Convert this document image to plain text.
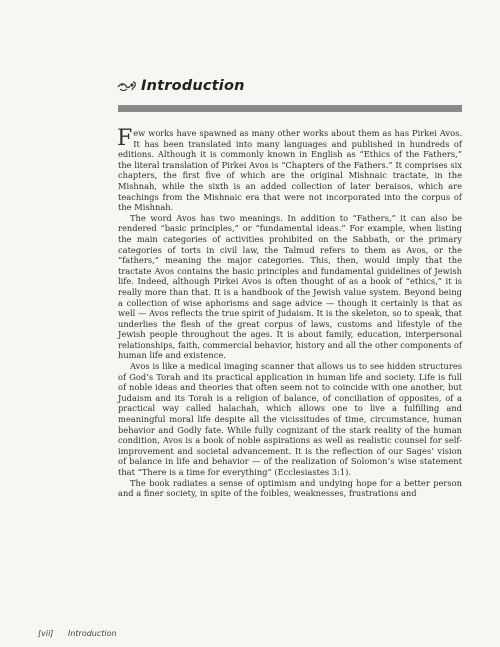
Introduction

Few works have spawned as many other works about them as has Pirkei Avos. It has been translated into many languages and published in hundreds of editions. Although it is commonly known in English as “Ethics of the Fathers,” the literal translation of Pirkei Avos is “Chapters of the Fathers.” It comprises six chapters, the first five of which are the original Mishnaic tractate, in the Mishnah, while the sixth is an added collection of later beraisos, which are teachings from the Mishnaic era that were not incorporated into the corpus of the Mishnah.

The word Avos has two meanings. In addition to “Fathers,” it can also be rendered “basic principles,” or “fundamental ideas.” For example, when listing the main categories of activities prohibited on the Sabbath, or the primary categories of torts in civil law, the Talmud refers to them as Avos, or the “fathers,” meaning the major categories. This, then, would imply that the tractate Avos contains the basic principles and fundamental guidelines of Jewish life. Indeed, although Pirkei Avos is often thought of as a book of “ethics,” it is really more than that. It is a handbook of the Jewish value system. Beyond being a collection of wise aphorisms and sage advice — though it certainly is that as well — Avos reflects the true spirit of Judaism. It is the skeleton, so to speak, that underlies the flesh of the great corpus of laws, customs and lifestyle of the Jewish people throughout the ages. It is about family, education, interpersonal relationships, faith, commercial behavior, history and all the other components of human life and existence.

Avos is like a medical imaging scanner that allows us to see hidden structures of God’s Torah and its practical application in human life and society. Life is full of noble ideas and theories that often seem not to coincide with one another, but Judaism and its Torah is a religion of balance, of conciliation of opposites, of a practical way called halachah, which allows one to live a fulfilling and meaningful moral life despite all the vicissitudes of time, circumstance, human behavior and Godly fate. While fully cognizant of the stark reality of the human condition, Avos is a book of noble aspirations as well as realistic counsel for self-improvement and societal advancement. It is the reflection of our Sages’ vision of balance in life and behavior — of the realization of Solomon’s wise statement that “There is a time for everything” (Ecclesiastes 3:1).

The book radiates a sense of optimism and undying hope for a better person and a finer society, in spite of the foibles, weaknesses, frustrations and

[vii] Introduction
